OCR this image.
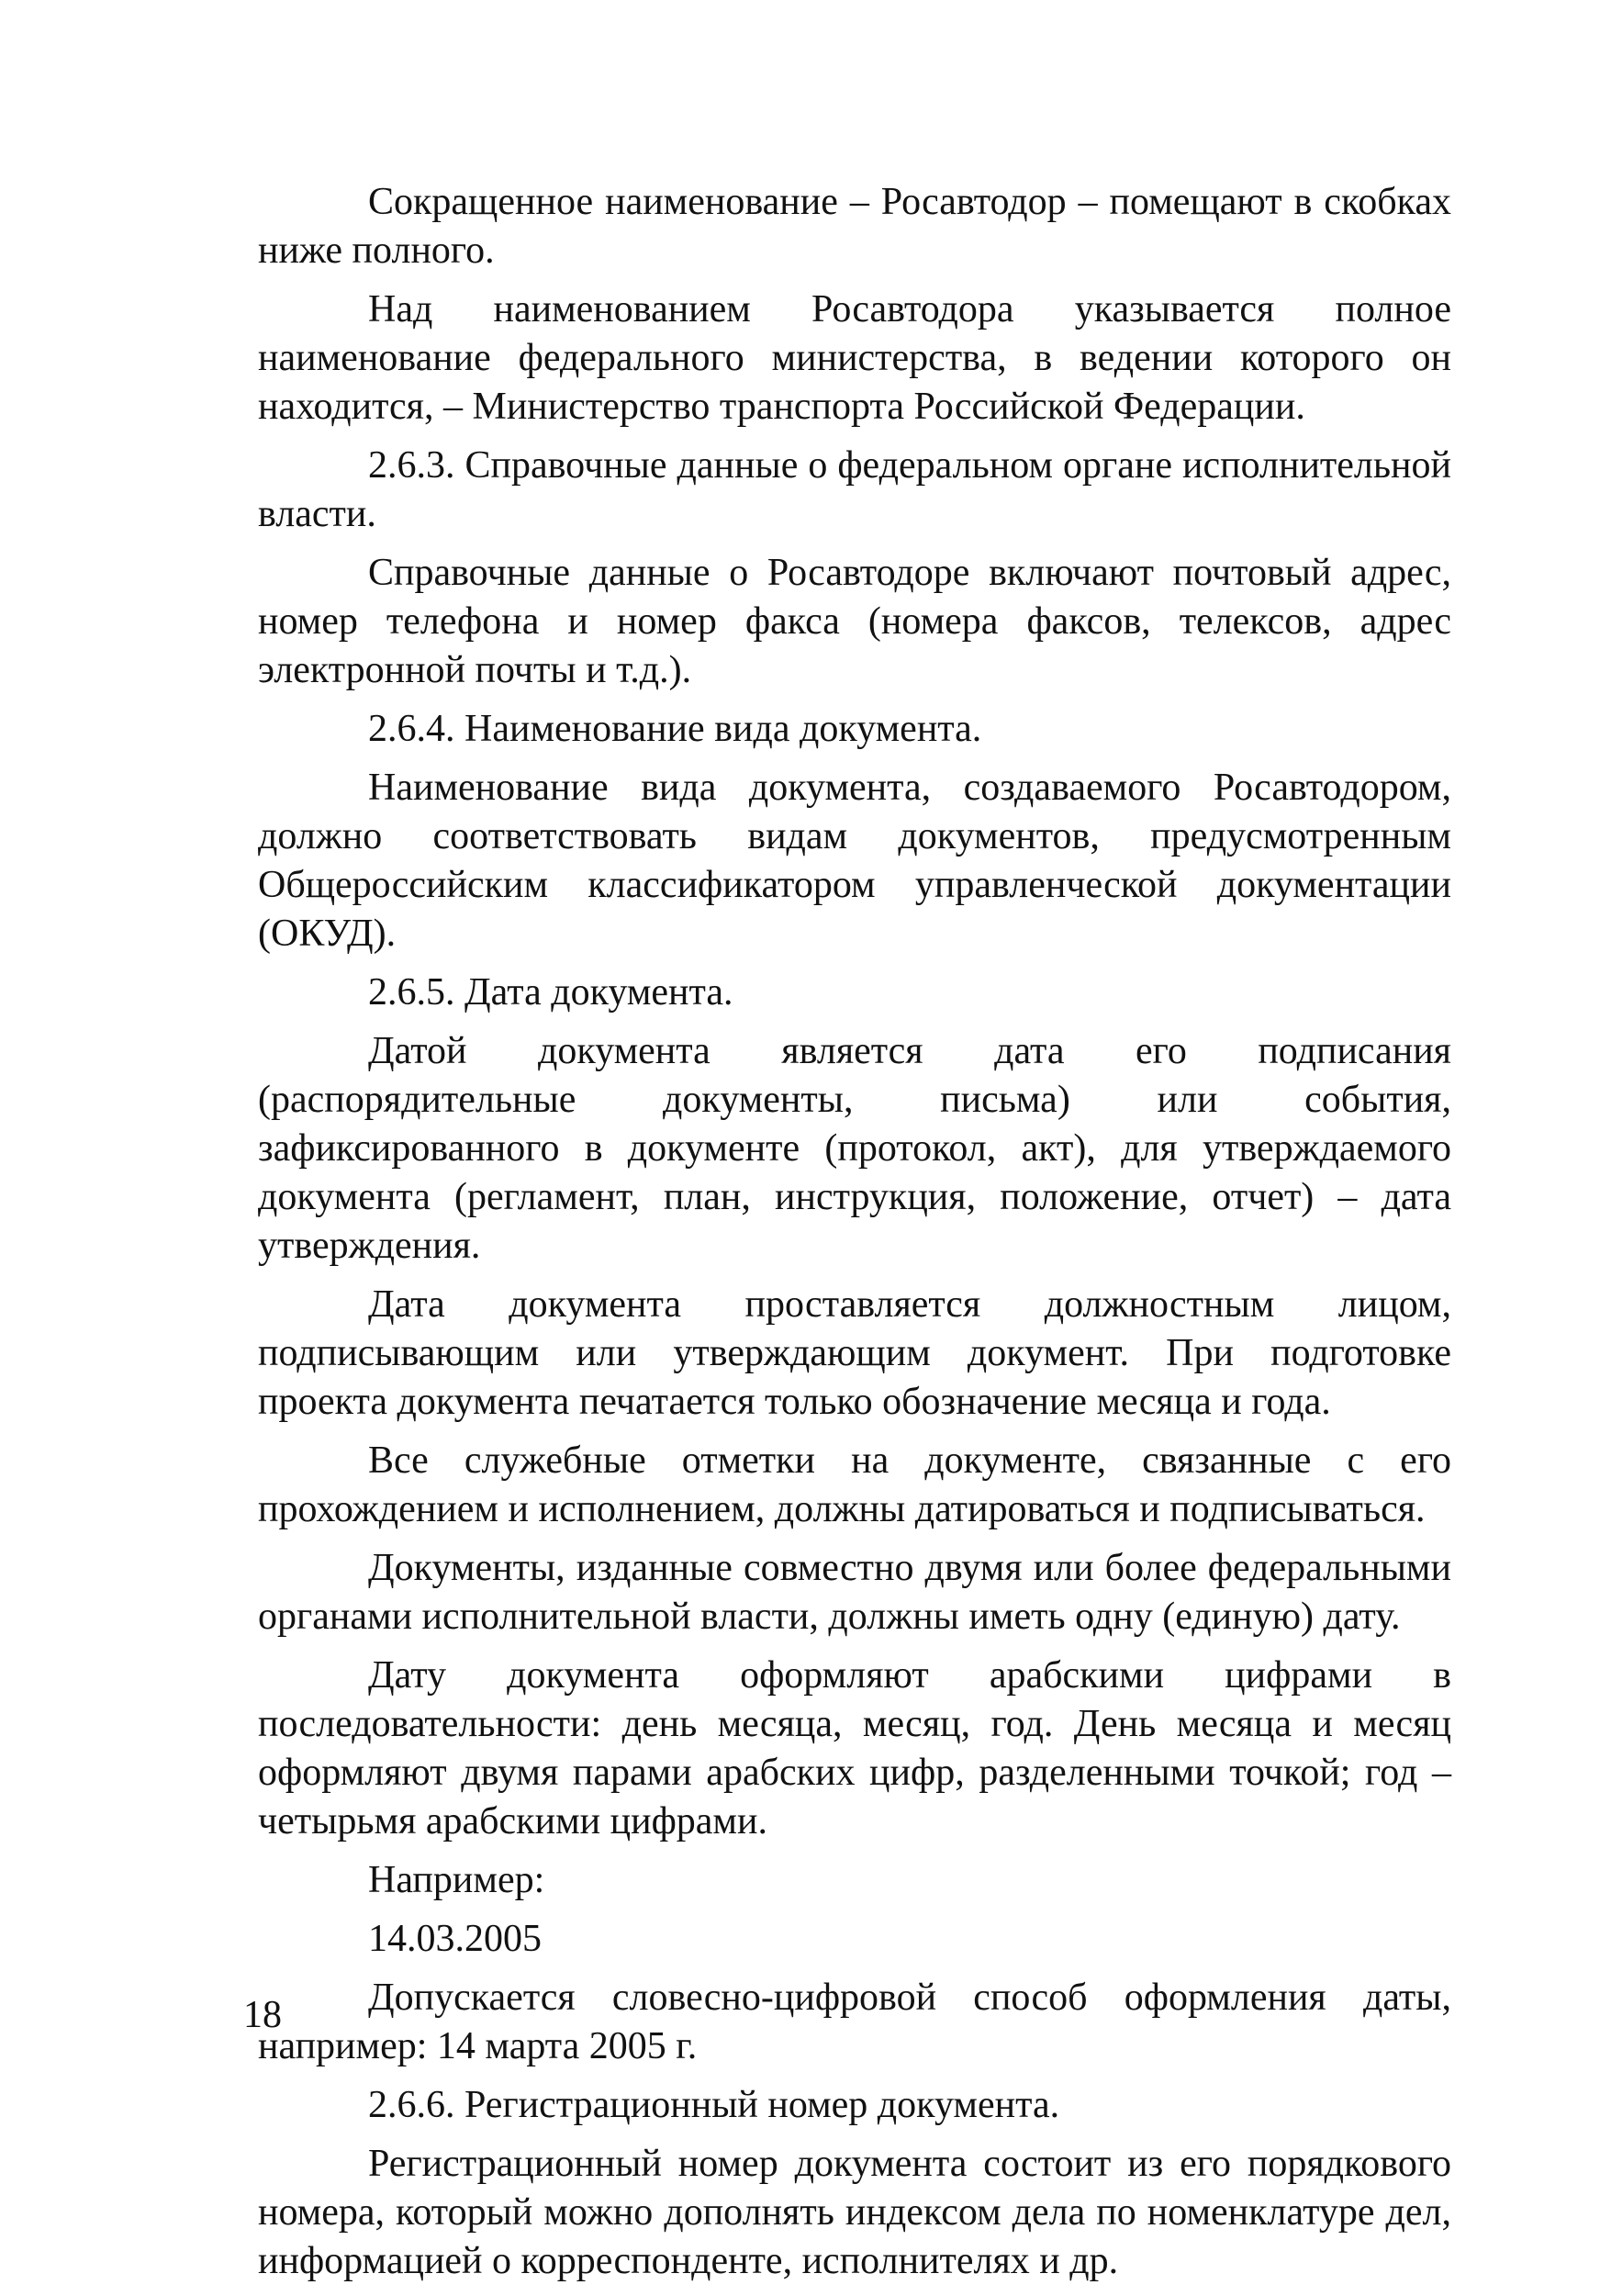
Сокращенное наименование – Росавтодор – помещают в скобках ниже полного.

Над наименованием Росавтодора указывается полное наименование федерального министерства, в ведении которого он находится, – Министерство транспорта Российской Федерации.

2.6.3. Справочные данные о федеральном органе исполнительной власти.

Справочные данные о Росавтодоре включают почтовый адрес, номер телефона и номер факса (номера факсов, телексов, адрес электронной почты и т.д.).

2.6.4. Наименование вида документа.

Наименование вида документа, создаваемого Росавтодором, должно соответствовать видам документов, предусмотренным Общероссийским классификатором управленческой документации (ОКУД).

2.6.5. Дата документа.

Датой документа является дата его подписания (распорядительные документы, письма) или события, зафиксированного в документе (протокол, акт), для утверждаемого документа (регламент, план, инструкция, положение, отчет) – дата утверждения.

Дата документа проставляется должностным лицом, подписывающим или утверждающим документ. При подготовке проекта документа печатается только обозначение месяца и года.

Все служебные отметки на документе, связанные с его прохождением и исполнением, должны датироваться и подписываться.

Документы, изданные совместно двумя или более федеральными органами исполнительной власти, должны иметь одну (единую) дату.

Дату документа оформляют арабскими цифрами в последовательности: день месяца, месяц, год. День месяца и месяц оформляют двумя парами арабских цифр, разделенными точкой; год – четырьмя арабскими цифрами.

Например:

14.03.2005

Допускается словесно-цифровой способ оформления даты, например: 14 марта 2005 г.

2.6.6. Регистрационный номер документа.

Регистрационный номер документа состоит из его порядкового номера, который можно дополнять индексом дела по номенклатуре дел, информацией о корреспонденте, исполнителях и др.

18
